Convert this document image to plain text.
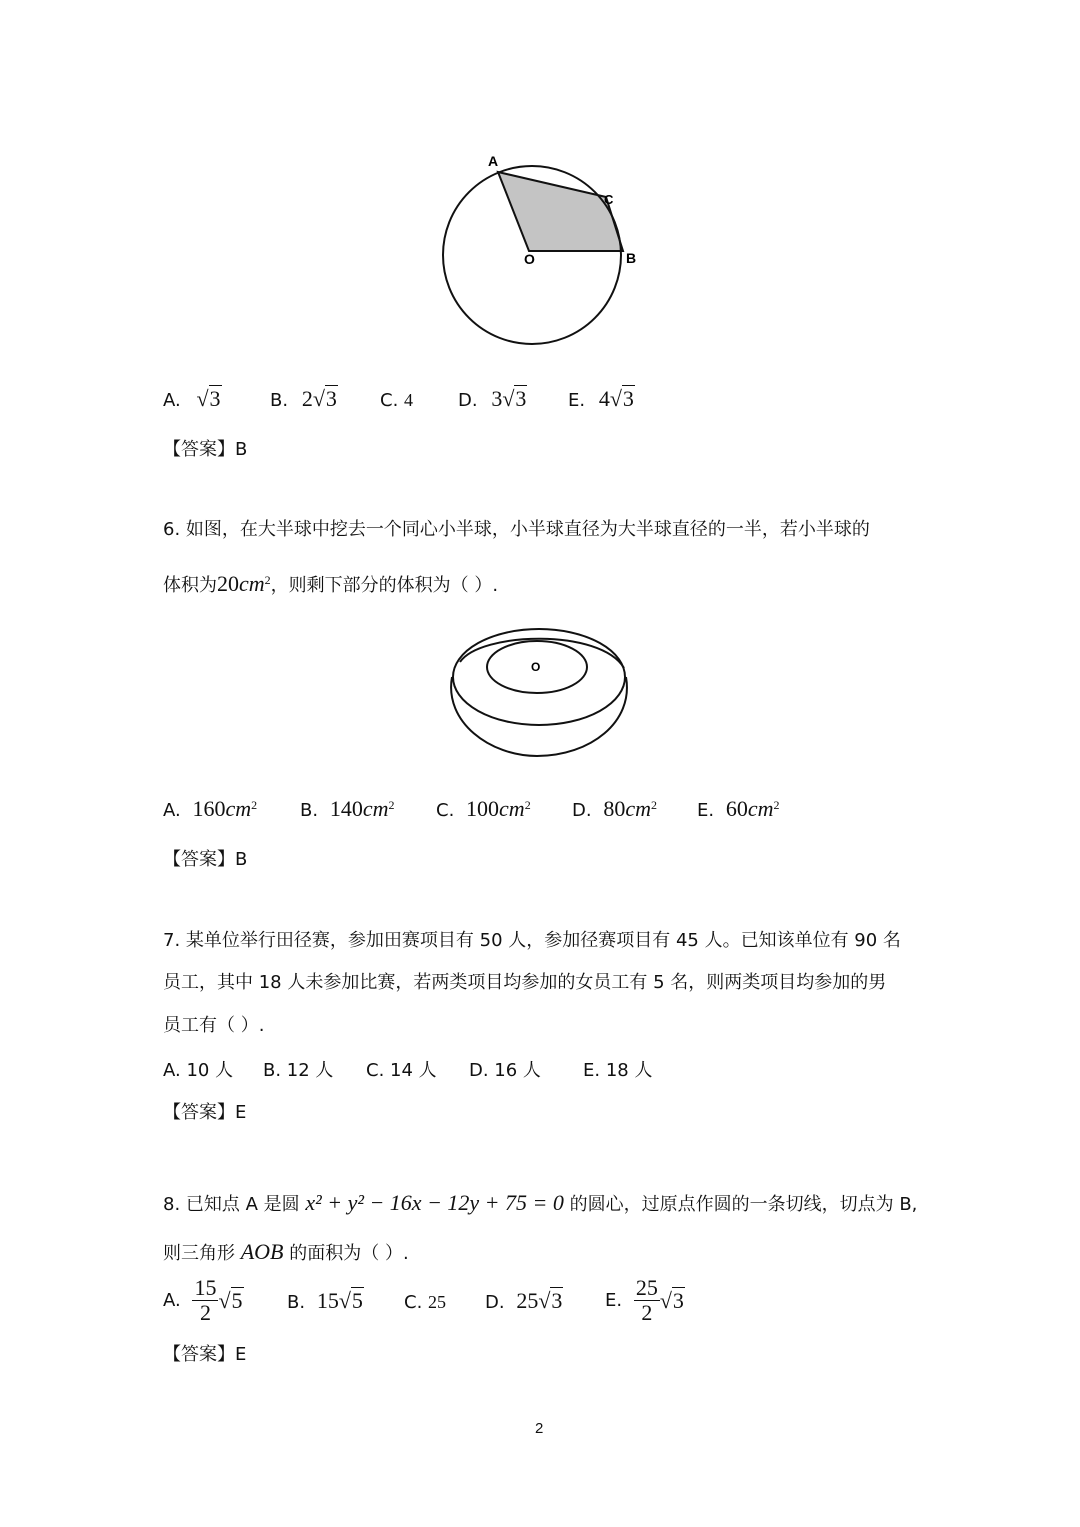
A
C
O	B
A. √3	B. 2√3 C. 4 D. 3√3 E. 4√3
【答案】B
6. 如图，在大半球中挖去一个同心小半球，小半球直径为大半球直径的一半，若小半球的
体积为$20cm^2$，则剩下部分的体积为（ ）.
O
A. $160cm^2$ B. $140cm^2$ C. $100cm^2$ D. $80cm^2$ E. $60cm^2$
【答案】B
7. 某单位举行田径赛，参加田赛项目有 50 人，参加径赛项目有 45 人。已知该单位有 90 名
员工，其中 18 人未参加比赛，若两类项目均参加的女员工有 5 名，则两类项目均参加的男
员工有（ ）.
A. 10 人 B. 12 人 C. 14 人 D. 16 人 E. 18 人
【答案】E
8. 已知点 A 是圆 x² + y² − 16x − 12y + 75 = 0 的圆心，过原点作圆的一条切线，切点为 B,
则三角形 AOB 的面积为（ ）.
A. $\frac{15}{2} √5$ B. 15√5 C. 25 D. 25√3 E. $\frac{25}{2} √3$
【答案】E
2
